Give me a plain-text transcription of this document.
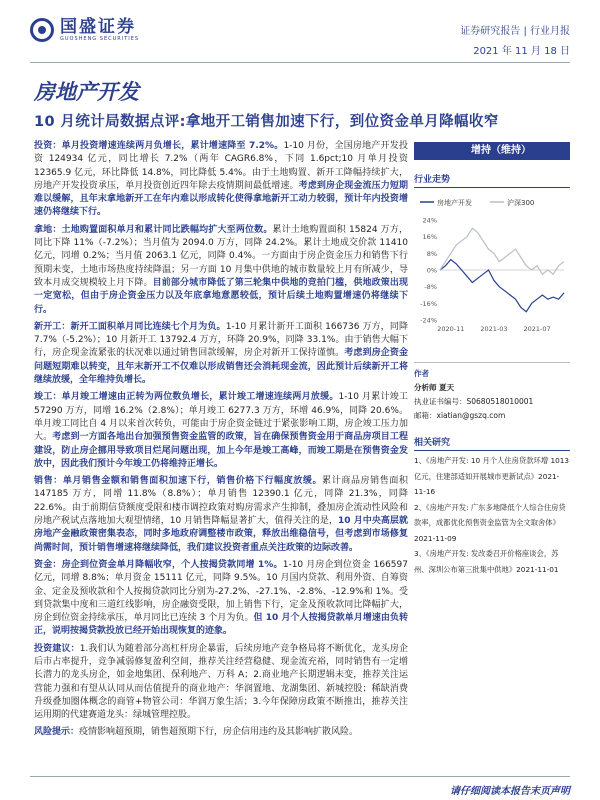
国盛证券
GUOSHENG SECURITIES
证券研究报告 | 行业月报
2021 年 11 月 18 日
房地产开发
10 月统计局数据点评:拿地开工销售加速下行，到位资金单月降幅收窄

投资：单月投资增速连续两月负增长，累计增速降至 7.2%。1-10 月份，全国房地产开发投资 124934 亿元，同比增长 7.2%（两年 CAGR6.8%，下同 1.6pct;10 月单月投资 12365.9 亿元，环比降低 14.8%，同比降低 5.4%。由于土地购置、新开工降幅持续扩大，房地产开发投资承压，单月投资创近四年除去疫情期间最低增速。考虑到房企现金流压力短期难以缓解，且年末拿地新开工在年内难以形成转化使得拿地新开工动力较弱，预计年内投资增速仍将继续下行。

拿地：土地购置面积单月和累计同比跌幅均扩大至两位数。累计土地购置面积 15824 万方，同比下降 11%（-7.2%）；当月值为 2094.0 万方，同降 24.2%。累计土地成交价款 11410 亿元，同增 0.2%；当月值 2063.1 亿元，同降 0.4%。一方面由于房企资金压力和销售下行预期未变，土地市场热度持续降温；另一方面 10 月集中供地的城市数量较上月有所减少，导致本月成交规模较上月下降。目前部分城市降低了第三轮集中供地的竞拍门槛，供地政策出现一定宽松，但由于房企资金压力以及年底拿地意愿较低，预计后续土地购置增速仍将继续下行。

新开工：新开工面积单月同比连续七个月为负。1-10 月累计新开工面积 166736 万方，同降 7.7%（-5.2%）；10 月新开工 13792.4 万方，环降 20.9%，同降 33.1%。由于销售大幅下行，房企现金流紧张的状况难以通过销售回款缓解，房企对新开工保持谨慎。考虑到房企资金问题短期难以转变，且年末新开工不仅难以形成销售还会消耗现金流，因此预计后续新开工将继续放缓，全年维持负增长。

竣工：单月竣工增速由正转为两位数负增长，累计竣工增速连续两月放缓。1-10 月累计竣工 57290 万方，同增 16.2%（2.8%）；单月竣工 6277.3 万方，环增 46.9%，同降 20.6%。单月竣工同比自 4 月以来首次转负，可能由于房企资金链过于紧张影响工期，房企竣工压力加大。考虑到一方面各地出台加强预售资金监管的政策，旨在确保预售资金用于商品房项目工程建设，防止房企挪用导致项目烂尾问题出现，加上今年是竣工高峰，而竣工期是在预售资金发放中，因此我们预计今年竣工仍将维持正增长。

销售：单月销售金额和销售面积加速下行，销售价格下行幅度放缓。累计商品房销售面积 147185 万方，同增 11.8%（8.8%）；单月销售 12390.1 亿元，同降 21.3%，同降 22.6%。由于前期信贷额度受限和楼市调控政策对购房需求产生抑制，叠加房企流动性风险和房地产税试点落地加大观望情绪，10 月销售降幅显著扩大，值得关注的是，10 月中央高层就房地产金融政策密集表态，同时多地政府调整楼市政策，释放出维稳信号，但考虑到市场修复尚需时间，预计销售增速将继续降低，我们建议投资者重点关注政策的边际改善。

资金：房企到位资金单月降幅收窄，个人按揭贷款同增 1%。1-10 月房企到位资金 166597 亿元，同增 8.8%；单月资金 15111 亿元，同降 9.5%。10 月国内贷款、利用外资、自筹资金、定金及预收款和个人按揭贷款同比分别为-27.2%、-27.1%、-2.8%、-12.9%和 1%。受到贷款集中度和三道红线影响，房企融资受限，加上销售下行，定金及预收款同比降幅扩大，房企到位资金持续承压，单月同比已连续 3 个月为负。但 10 月个人按揭贷款单月增速由负转正，说明按揭贷款投放已经开始出现恢复的迹象。

投资建议：1.我们认为随着部分高杠杆房企暴雷，后续房地产竞争格局将不断优化，龙头房企后市占率提升，竞争减弱修复盈利空间，推荐关注经营稳健、现金流充裕，同时销售有一定增长潜力的龙头房企，如金地集团、保利地产、万科 A；2.商业地产长期逻辑未变，推荐关注运营能力强和有望从认同从而估值提升的商业地产：华润置地、龙湖集团、新城控股；稀缺消费升级叠加圈体概念的商管+物管公司：华润万象生活；3.今年保障房政策不断推出，推荐关注运用期的代建赛道龙头：绿城管理控股。

风险提示：疫情影响超预期，销售超预期下行，房企信用违约及其影响扩散风险。

增持（维持）
行业走势
房地产开发	沪深300
24%
16%
8%
0%
-8%
-16%
-24%
2020-11 2021-03 2021-07
作者
分析师 夏天
执业证书编号：S0680518010001
邮箱：xiatian@gszq.com
相关研究
1、《房地产开发: 10 月个人住房贷款环增 1013 亿元，住建部适如开展城市更新试点》2021-11-16
2、《房地产开发: 广东多地降低个人综合住房贷款率，成都优化预售资金监管为全文取舍体》2021-11-09
3、《房地产开发: 发改委召开价格座谈会，苏州、深圳公布第三批集中供地》2021-11-01
请仔细阅读本报告末页声明
